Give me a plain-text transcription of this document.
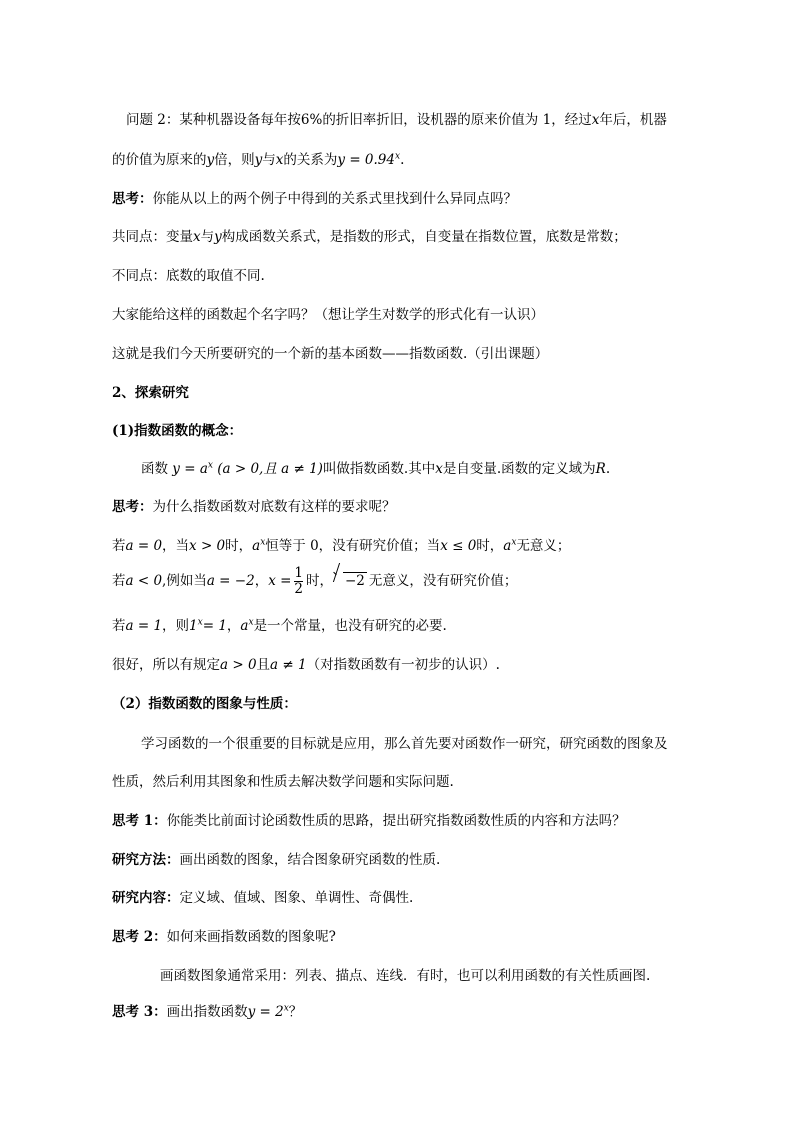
问题 2：某种机器设备每年按6%的折旧率折旧，设机器的原来价值为 1，经过x年后，机器
的价值为原来的y倍，则y与x的关系为$y = 0.94^x$.
思考：你能从以上的两个例子中得到的关系式里找到什么异同点吗？
共同点：变量x与y构成函数关系式，是指数的形式，自变量在指数位置，底数是常数；
不同点：底数的取值不同.
大家能给这样的函数起个名字吗？（想让学生对数学的形式化有一认识）
这就是我们今天所要研究的一个新的基本函数——指数函数.（引出课题）
2、探索研究
(1)指数函数的概念：
函数 $y = a^x$ (a > 0,且 a ≠ 1)叫做指数函数.其中x是自变量.函数的定义域为R.
思考：为什么指数函数对底数有这样的要求呢？
若a = 0，当x > 0时，$a^x$恒等于 0，没有研究价值；当x ≤ 0时，$a^x$无意义；
若a < 0,例如当a = −2，$x = \frac{1}{2}$ 时， −2 无意义，没有研究价值；
若a = 1，则$1^x= 1$，$a^x$是一个常量，也没有研究的必要.
很好，所以有规定a > 0且a ≠ 1（对指数函数有一初步的认识）.
（2）指数函数的图象与性质：
学习函数的一个很重要的目标就是应用，那么首先要对函数作一研究，研究函数的图象及
性质，然后利用其图象和性质去解决数学问题和实际问题.
思考 1：你能类比前面讨论函数性质的思路，提出研究指数函数性质的内容和方法吗？
研究方法：画出函数的图象，结合图象研究函数的性质.
研究内容：定义域、值域、图象、单调性、奇偶性.
思考 2：如何来画指数函数的图象呢?
画函数图象通常采用：列表、描点、连线．有时，也可以利用函数的有关性质画图.
思考 3：画出指数函数$y = 2^x$？
